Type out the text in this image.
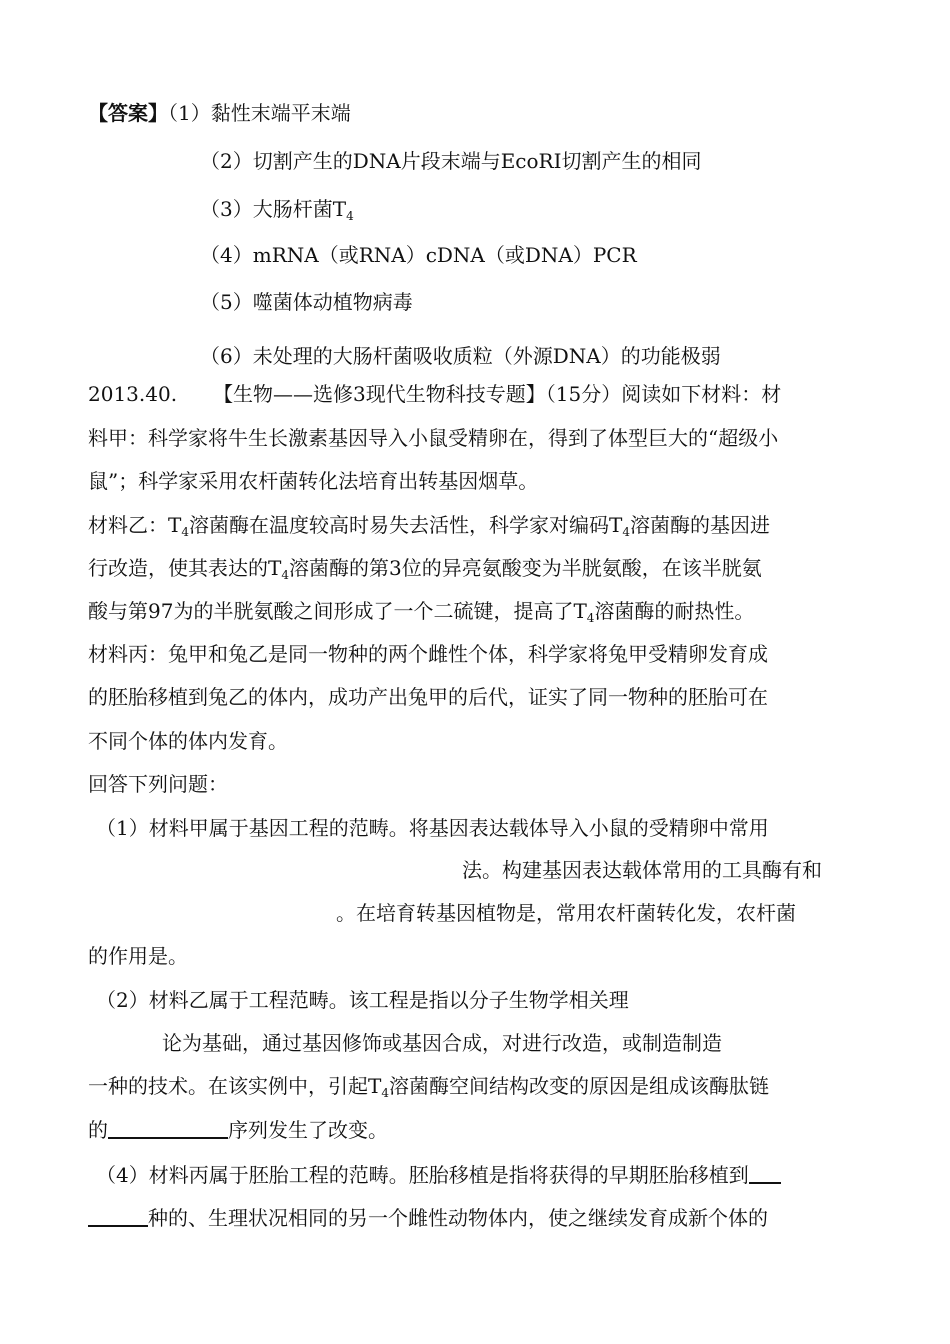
【答案】（1）黏性末端平末端
（2）切割产生的DNA片段末端与EcoRⅠ切割产生的相同
（3）大肠杆菌$T_4$
（4）mRNA（或RNA）cDNA（或DNA）PCR
（5）噬菌体动植物病毒
（6）未处理的大肠杆菌吸收质粒（外源DNA）的功能极弱
2013.40. 【生物——选修3现代生物科技专题】（15分）阅读如下材料：材
料甲：科学家将牛生长激素基因导入小鼠受精卵在，得到了体型巨大的“超级小
鼠”；科学家采用农杆菌转化法培育出转基因烟草。
材料乙：$T_4$溶菌酶在温度较高时易失去活性，科学家对编码$T_4$溶菌酶的基因进
行改造，使其表达的$T_4$溶菌酶的第3位的异亮氨酸变为半胱氨酸，在该半胱氨
酸与第97为的半胱氨酸之间形成了一个二硫键，提高了$T_4$溶菌酶的耐热性。
材料丙：兔甲和兔乙是同一物种的两个雌性个体，科学家将兔甲受精卵发育成
的胚胎移植到兔乙的体内，成功产出兔甲的后代，证实了同一物种的胚胎可在
不同个体的体内发育。
回答下列问题：
（1）材料甲属于基因工程的范畴。将基因表达载体导入小鼠的受精卵中常用
法。构建基因表达载体常用的工具酶有和
。在培育转基因植物是，常用农杆菌转化发，农杆菌
的作用是。
（2）材料乙属于工程范畴。该工程是指以分子生物学相关理
论为基础，通过基因修饰或基因合成，对进行改造，或制造制造
一种的技术。在该实例中，引起$T_4$溶菌酶空间结构改变的原因是组成该酶肽链
的	序列发生了改变。
（4）材料丙属于胚胎工程的范畴。胚胎移植是指将获得的早期胚胎移植到
种的、生理状况相同的另一个雌性动物体内，使之继续发育成新个体的
